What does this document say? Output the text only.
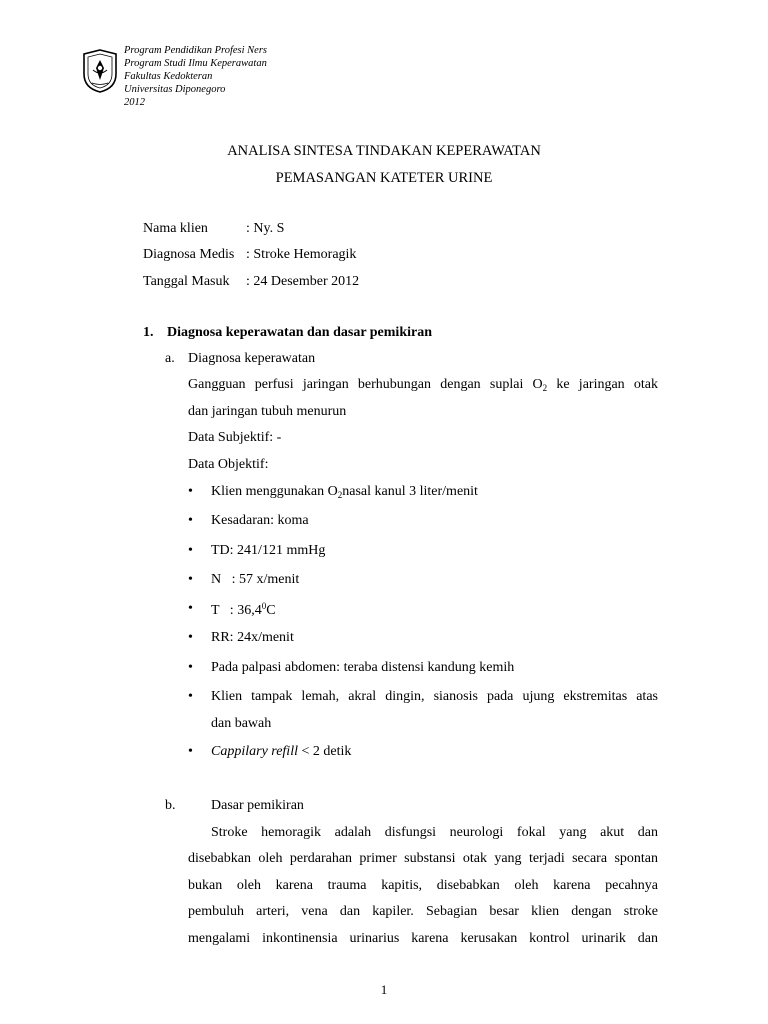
Program Pendidikan Profesi Ners
Program Studi Ilmu Keperawatan
Fakultas Kedokteran
Universitas Diponegoro
2012
ANALISA SINTESA TINDAKAN KEPERAWATAN
PEMASANGAN KATETER URINE
Nama klien	: Ny. S
Diagnosa Medis : Stroke Hemoragik
Tanggal Masuk : 24 Desember 2012
1. Diagnosa keperawatan dan dasar pemikiran
a. Diagnosa keperawatan
Gangguan perfusi jaringan berhubungan dengan suplai $O_2$ ke jaringan otak
dan jaringan tubuh menurun
Data Subjektif: -
Data Objektif:
• Klien menggunakan $O_2nasal$ kanul 3 liter/menit
• Kesadaran: koma
• TD: 241/121 mmHg
• N   : 57 x/menit
• T   : 36,4$^0$C
• RR: 24x/menit
• Pada palpasi abdomen: teraba distensi kandung kemih
• Klien tampak lemah, akral dingin, sianosis pada ujung ekstremitas atas
dan bawah
• Cappilary refill < 2 detik
b.	Dasar pemikiran
Stroke hemoragik adalah disfungsi neurologi fokal yang akut dan
disebabkan oleh perdarahan primer substansi otak yang terjadi secara spontan
bukan oleh karena trauma kapitis, disebabkan oleh karena pecahnya
pembuluh arteri, vena dan kapiler. Sebagian besar klien dengan stroke
mengalami inkontinensia urinarius karena kerusakan kontrol urinarik dan
1
